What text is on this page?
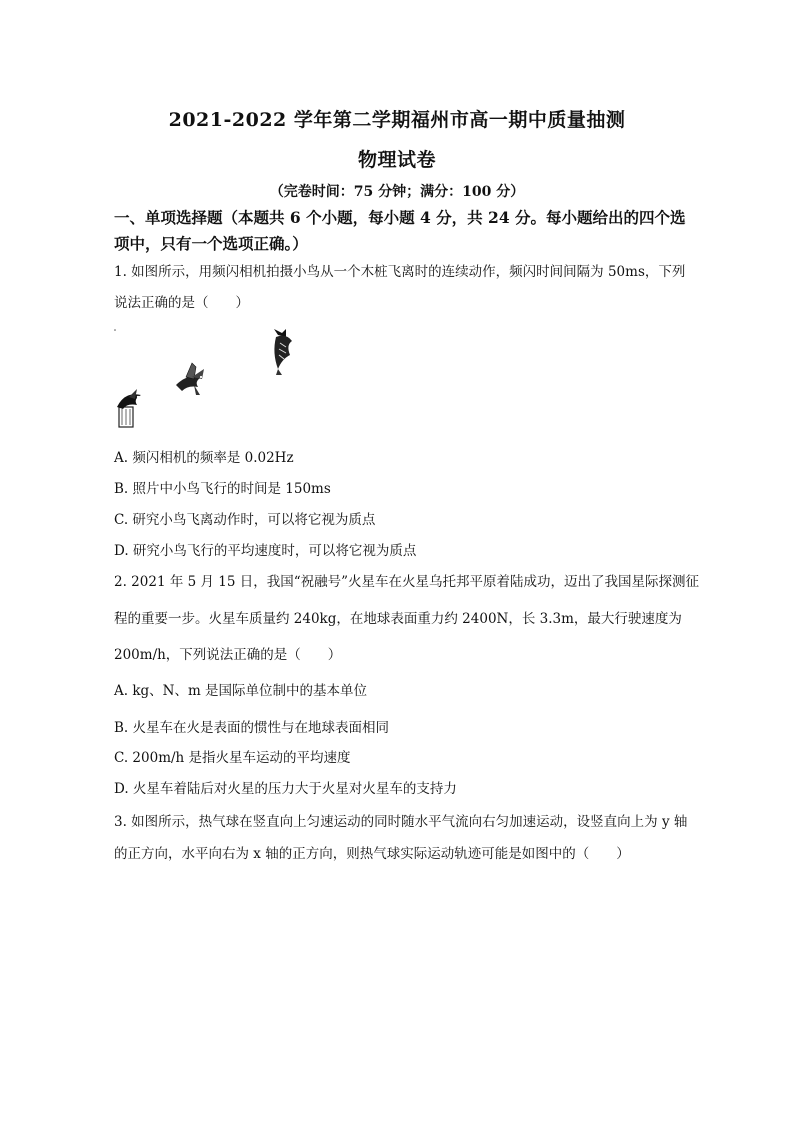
2021-2022 学年第二学期福州市高一期中质量抽测
物理试卷
（完卷时间：75 分钟；满分：100 分）
一、单项选择题（本题共 6 个小题，每小题 4 分，共 24 分。每小题给出的四个选项中，只有一个选项正确。）
1. 如图所示，用频闪相机拍摄小鸟从一个木桩飞离时的连续动作，频闪时间间隔为 50ms，下列
说法正确的是（　　）
A. 频闪相机的频率是 0.02Hz
B. 照片中小鸟飞行的时间是 150ms
C. 研究小鸟飞离动作时，可以将它视为质点
D. 研究小鸟飞行的平均速度时，可以将它视为质点
2. 2021 年 5 月 15 日，我国“祝融号”火星车在火星乌托邦平原着陆成功，迈出了我国星际探测征
程的重要一步。火星车质量约 240kg，在地球表面重力约 2400N，长 3.3m，最大行驶速度为
200m/h，下列说法正确的是（　　）
A. kg、N、m 是国际单位制中的基本单位
B. 火星车在火是表面的惯性与在地球表面相同
C. 200m/h 是指火星车运动的平均速度
D. 火星车着陆后对火星的压力大于火星对火星车的支持力
3. 如图所示，热气球在竖直向上匀速运动的同时随水平气流向右匀加速运动，设竖直向上为 y 轴
的正方向，水平向右为 x 轴的正方向，则热气球实际运动轨迹可能是如图中的（　　）
